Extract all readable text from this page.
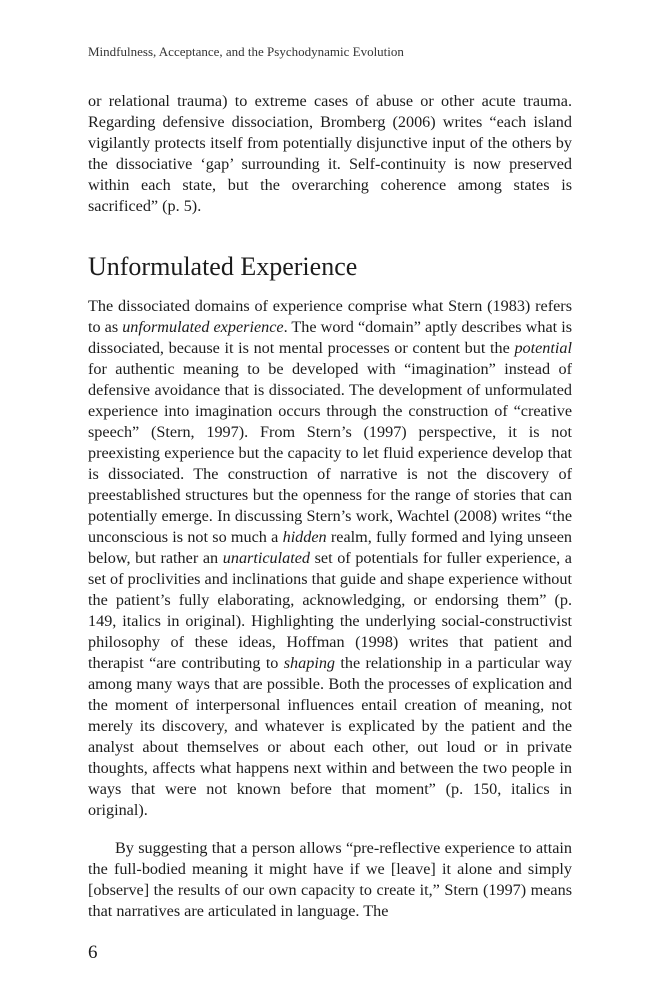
Mindfulness, Acceptance, and the Psychodynamic Evolution

or relational trauma) to extreme cases of abuse or other acute trauma. Regarding defensive dissociation, Bromberg (2006) writes “each island vigilantly protects itself from potentially disjunctive input of the others by the dissociative ‘gap’ surrounding it. Self-continuity is now preserved within each state, but the overarching coherence among states is sacrificed” (p. 5).

Unformulated Experience

The dissociated domains of experience comprise what Stern (1983) refers to as unformulated experience. The word “domain” aptly describes what is dissociated, because it is not mental processes or content but the potential for authentic meaning to be developed with “imagination” instead of defensive avoidance that is dissociated. The development of unformulated experience into imagination occurs through the construction of “creative speech” (Stern, 1997). From Stern’s (1997) perspective, it is not preexisting experience but the capacity to let fluid experience develop that is dissociated. The construction of narrative is not the discovery of preestablished structures but the openness for the range of stories that can potentially emerge. In discussing Stern’s work, Wachtel (2008) writes “the unconscious is not so much a hidden realm, fully formed and lying unseen below, but rather an unarticulated set of potentials for fuller experience, a set of proclivities and inclinations that guide and shape experience without the patient’s fully elaborating, acknowledging, or endorsing them” (p. 149, italics in original). Highlighting the underlying social-constructivist philosophy of these ideas, Hoffman (1998) writes that patient and therapist “are contributing to shaping the relationship in a particular way among many ways that are possible. Both the processes of explication and the moment of interpersonal influences entail creation of meaning, not merely its discovery, and whatever is explicated by the patient and the analyst about themselves or about each other, out loud or in private thoughts, affects what happens next within and between the two people in ways that were not known before that moment” (p. 150, italics in original).

By suggesting that a person allows “pre-reflective experience to attain the full-bodied meaning it might have if we [leave] it alone and simply [observe] the results of our own capacity to create it,” Stern (1997) means that narratives are articulated in language. The

6
